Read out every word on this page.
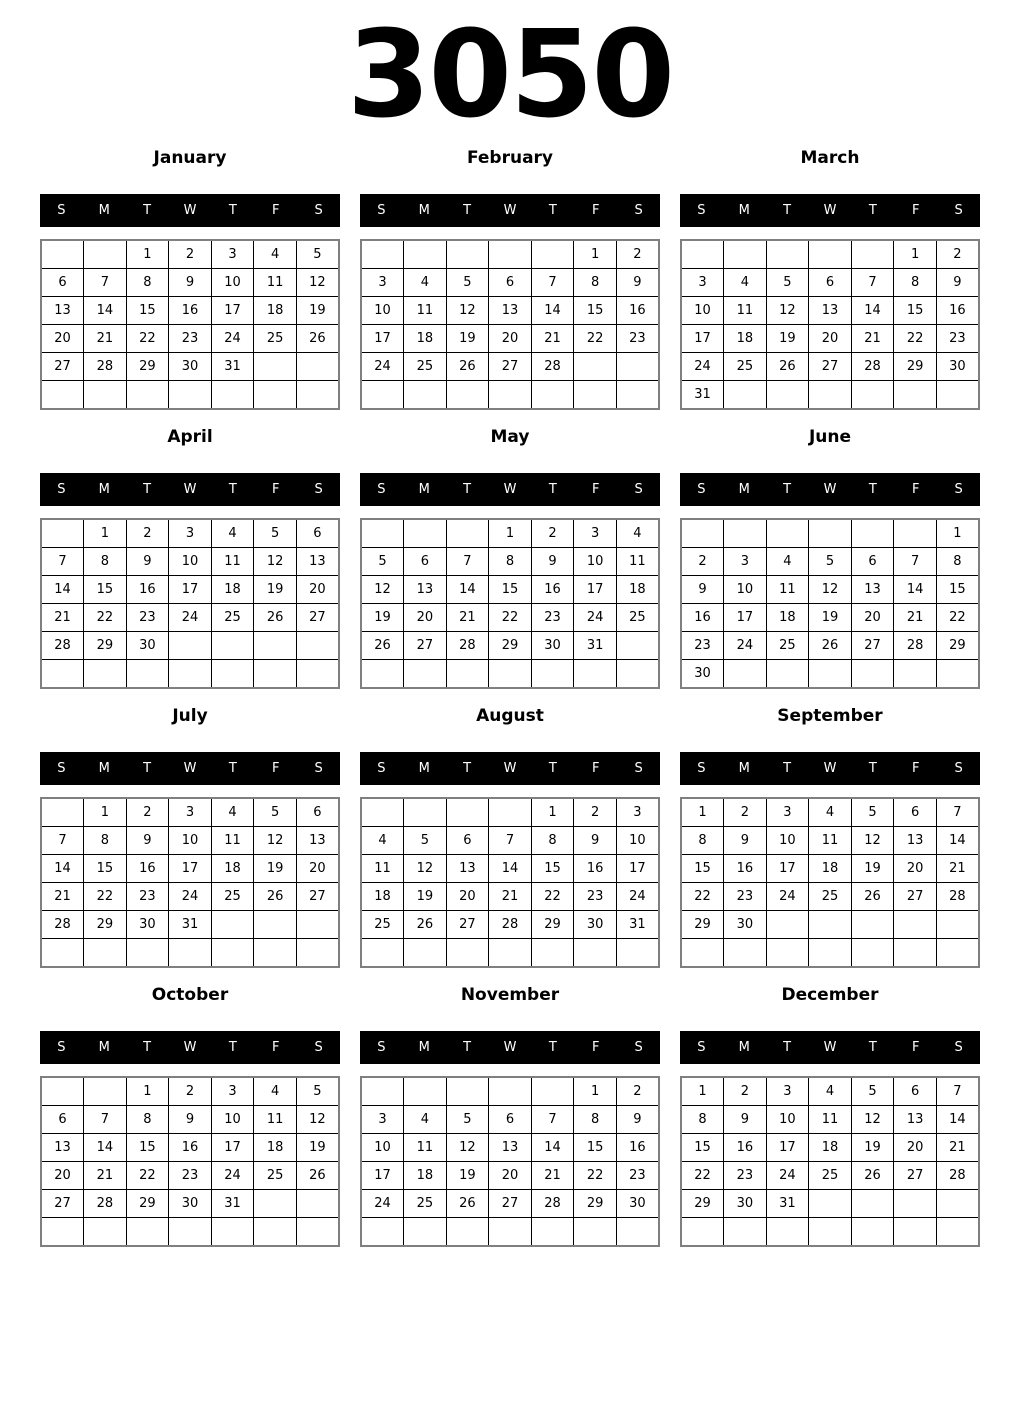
3050
January
S	M	T	W	T	F	S
		1	2	3	4	5
6	7	8	9	10	11	12
13	14	15	16	17	18	19
20	21	22	23	24	25	26
27	28	29	30	31		

February
S	M	T	W	T	F	S
					1	2
3	4	5	6	7	8	9
10	11	12	13	14	15	16
17	18	19	20	21	22	23
24	25	26	27	28		

March
S	M	T	W	T	F	S
					1	2
3	4	5	6	7	8	9
10	11	12	13	14	15	16
17	18	19	20	21	22	23
24	25	26	27	28	29	30
31						
April
S	M	T	W	T	F	S
	1	2	3	4	5	6
7	8	9	10	11	12	13
14	15	16	17	18	19	20
21	22	23	24	25	26	27
28	29	30				

May
S	M	T	W	T	F	S
			1	2	3	4
5	6	7	8	9	10	11
12	13	14	15	16	17	18
19	20	21	22	23	24	25
26	27	28	29	30	31	

June
S	M	T	W	T	F	S
						1
2	3	4	5	6	7	8
9	10	11	12	13	14	15
16	17	18	19	20	21	22
23	24	25	26	27	28	29
30						
July
S	M	T	W	T	F	S
	1	2	3	4	5	6
7	8	9	10	11	12	13
14	15	16	17	18	19	20
21	22	23	24	25	26	27
28	29	30	31			

August
S	M	T	W	T	F	S
				1	2	3
4	5	6	7	8	9	10
11	12	13	14	15	16	17
18	19	20	21	22	23	24
25	26	27	28	29	30	31

September
S	M	T	W	T	F	S
1	2	3	4	5	6	7
8	9	10	11	12	13	14
15	16	17	18	19	20	21
22	23	24	25	26	27	28
29	30					

October
S	M	T	W	T	F	S
		1	2	3	4	5
6	7	8	9	10	11	12
13	14	15	16	17	18	19
20	21	22	23	24	25	26
27	28	29	30	31		

November
S	M	T	W	T	F	S
					1	2
3	4	5	6	7	8	9
10	11	12	13	14	15	16
17	18	19	20	21	22	23
24	25	26	27	28	29	30

December
S	M	T	W	T	F	S
1	2	3	4	5	6	7
8	9	10	11	12	13	14
15	16	17	18	19	20	21
22	23	24	25	26	27	28
29	30	31				
